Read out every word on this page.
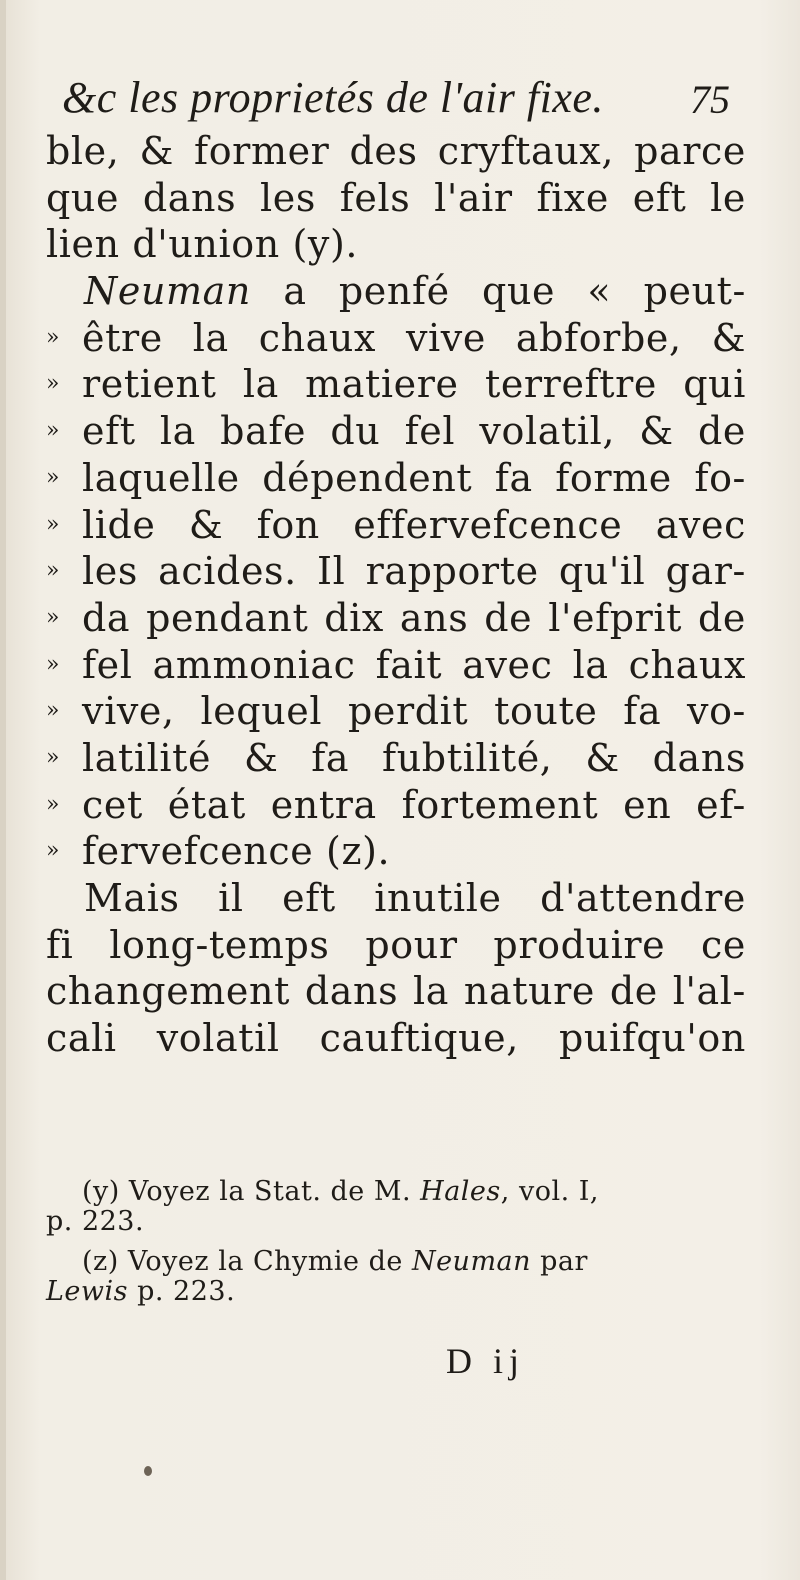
&c les proprietés de l'air fixe. 75
ble, & former des cryftaux, parce
que dans les fels l'air fixe eft le
lien d'union (y).
Neuman a penfé que « peut-
» être la chaux vive abforbe, &
» retient la matiere terreftre qui
» eft la bafe du fel volatil, & de
» laquelle dépendent fa forme fo-
» lide & fon effervefcence avec
» les acides. Il rapporte qu'il gar-
» da pendant dix ans de l'efprit de
» fel ammoniac fait avec la chaux
» vive, lequel perdit toute fa vo-
» latilité & fa fubtilité, & dans
» cet état entra fortement en ef-
» fervefcence (z).
Mais il eft inutile d'attendre
fi long-temps pour produire ce
changement dans la nature de l'al-
cali volatil cauftique, puifqu'on
(y) Voyez la Stat. de M. Hales, vol. I,
p. 223.
(z) Voyez la Chymie de Neuman par
Lewis p. 223.
D ij
